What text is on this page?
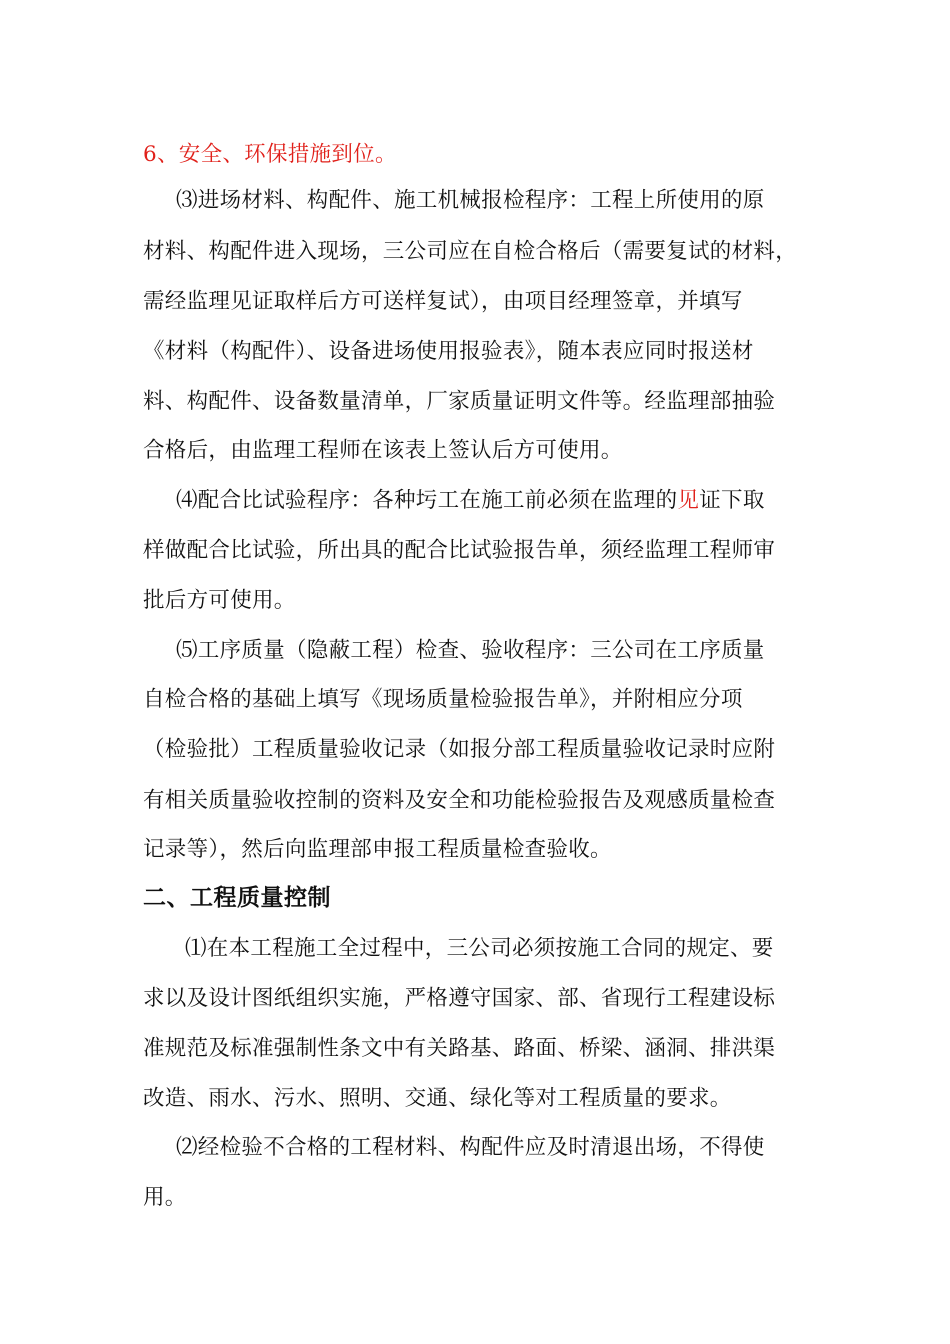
6、安全、环保措施到位。
⑶进场材料、构配件、施工机械报检程序：工程上所使用的原
材料、构配件进入现场，三公司应在自检合格后（需要复试的材料，
需经监理见证取样后方可送样复试），由项目经理签章，并填写
《材料（构配件）、设备进场使用报验表》，随本表应同时报送材
料、构配件、设备数量清单，厂家质量证明文件等。经监理部抽验
合格后，由监理工程师在该表上签认后方可使用。
⑷配合比试验程序：各种圬工在施工前必须在监理的见证下取
样做配合比试验，所出具的配合比试验报告单，须经监理工程师审
批后方可使用。
⑸工序质量（隐蔽工程）检查、验收程序：三公司在工序质量
自检合格的基础上填写《现场质量检验报告单》，并附相应分项
（检验批）工程质量验收记录（如报分部工程质量验收记录时应附
有相关质量验收控制的资料及安全和功能检验报告及观感质量检查
记录等），然后向监理部申报工程质量检查验收。
二、工程质量控制
⑴在本工程施工全过程中，三公司必须按施工合同的规定、要
求以及设计图纸组织实施，严格遵守国家、部、省现行工程建设标
准规范及标准强制性条文中有关路基、路面、桥梁、涵洞、排洪渠
改造、雨水、污水、照明、交通、绿化等对工程质量的要求。
⑵经检验不合格的工程材料、构配件应及时清退出场，不得使
用。
